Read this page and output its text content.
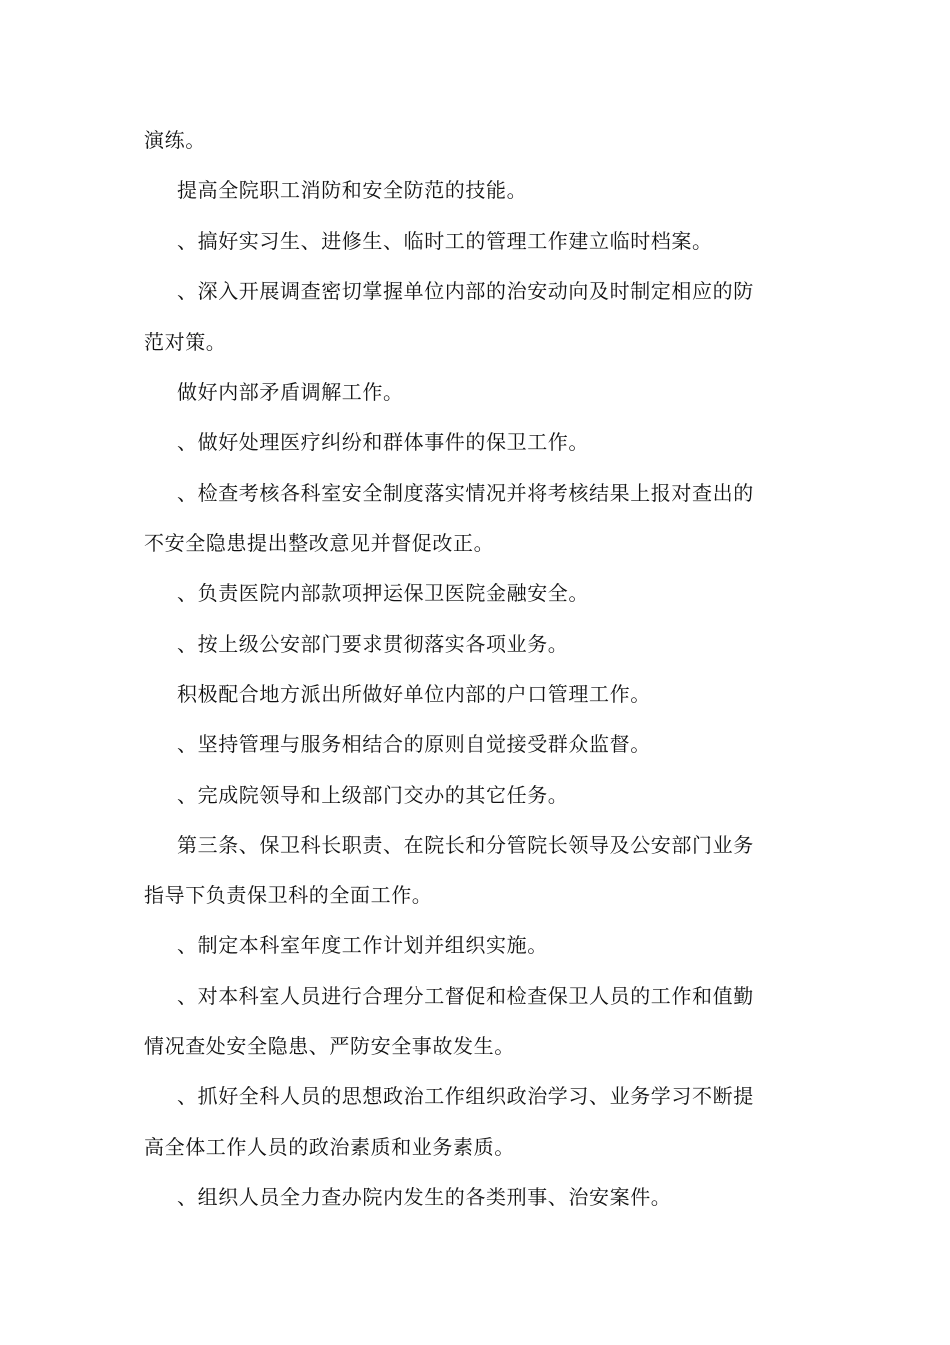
演练。
提高全院职工消防和安全防范的技能。
、搞好实习生、进修生、临时工的管理工作建立临时档案。
、深入开展调查密切掌握单位内部的治安动向及时制定相应的防
范对策。
做好内部矛盾调解工作。
、做好处理医疗纠纷和群体事件的保卫工作。
、检查考核各科室安全制度落实情况并将考核结果上报对查出的
不安全隐患提出整改意见并督促改正。
、负责医院内部款项押运保卫医院金融安全。
、按上级公安部门要求贯彻落实各项业务。
积极配合地方派出所做好单位内部的户口管理工作。
、坚持管理与服务相结合的原则自觉接受群众监督。
、完成院领导和上级部门交办的其它任务。
第三条、保卫科长职责、在院长和分管院长领导及公安部门业务
指导下负责保卫科的全面工作。
、制定本科室年度工作计划并组织实施。
、对本科室人员进行合理分工督促和检查保卫人员的工作和值勤
情况查处安全隐患、严防安全事故发生。
、抓好全科人员的思想政治工作组织政治学习、业务学习不断提
高全体工作人员的政治素质和业务素质。
、组织人员全力查办院内发生的各类刑事、治安案件。
